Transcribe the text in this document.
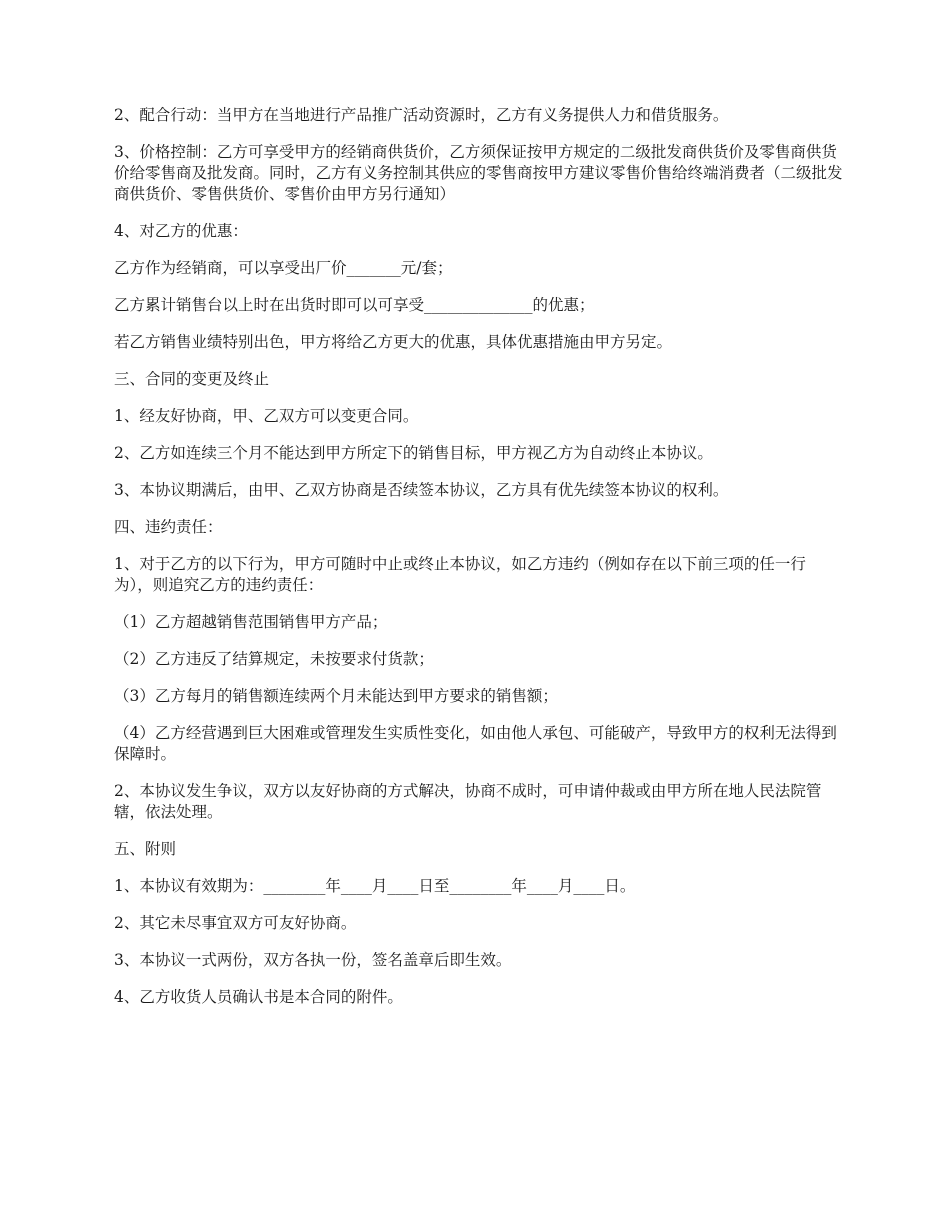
2、配合行动：当甲方在当地进行产品推广活动资源时，乙方有义务提供人力和借货服务。

3、价格控制：乙方可享受甲方的经销商供货价，乙方须保证按甲方规定的二级批发商供货价及零售商供货价给零售商及批发商。同时，乙方有义务控制其供应的零售商按甲方建议零售价售给终端消费者（二级批发商供货价、零售供货价、零售价由甲方另行通知）

4、对乙方的优惠：

乙方作为经销商，可以享受出厂价_______元/套；

乙方累计销售台以上时在出货时即可以可享受______________的优惠；

若乙方销售业绩特别出色，甲方将给乙方更大的优惠，具体优惠措施由甲方另定。

三、合同的变更及终止

1、经友好协商，甲、乙双方可以变更合同。

2、乙方如连续三个月不能达到甲方所定下的销售目标，甲方视乙方为自动终止本协议。

3、本协议期满后，由甲、乙双方协商是否续签本协议，乙方具有优先续签本协议的权利。

四、违约责任：

1、对于乙方的以下行为，甲方可随时中止或终止本协议，如乙方违约（例如存在以下前三项的任一行为），则追究乙方的违约责任：

（1）乙方超越销售范围销售甲方产品；

（2）乙方违反了结算规定，未按要求付货款；

（3）乙方每月的销售额连续两个月未能达到甲方要求的销售额；

（4）乙方经营遇到巨大困难或管理发生实质性变化，如由他人承包、可能破产，导致甲方的权利无法得到保障时。

2、本协议发生争议，双方以友好协商的方式解决，协商不成时，可申请仲裁或由甲方所在地人民法院管辖，依法处理。

五、附则

1、本协议有效期为：________年____月____日至________年____月____日。

2、其它未尽事宜双方可友好协商。

3、本协议一式两份，双方各执一份，签名盖章后即生效。

4、乙方收货人员确认书是本合同的附件。
